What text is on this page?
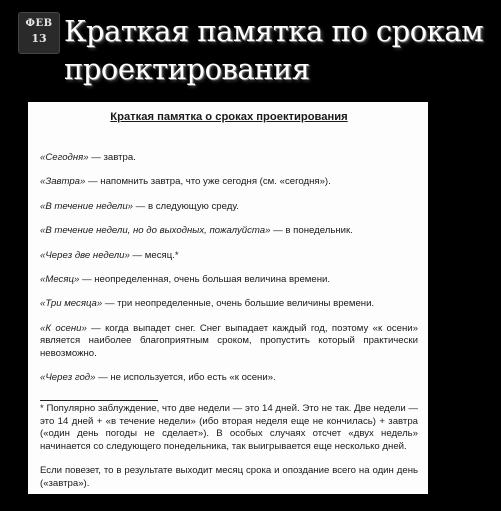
ФЕВ
13 Краткая памятка по срокам проектирования
Краткая памятка о сроках проектирования

«Сегодня» — завтра.

«Завтра» — напомнить завтра, что уже сегодня (см. «сегодня»).

«В течение недели» — в следующую среду.

«В течение недели, но до выходных, пожалуйста» — в понедельник.

«Через две недели» — месяц.*

«Месяц» — неопределенная, очень большая величина времени.

«Три месяца» — три неопределенные, очень большие величины времени.

«К осени» — когда выпадет снег. Снег выпадает каждый год, поэтому «к осени» является наиболее благоприятным сроком, пропустить который практически невозможно.

«Через год» — не используется, ибо есть «к осени».

* Популярно заблуждение, что две недели — это 14 дней. Это не так. Две недели — это 14 дней + «в течение недели» (ибо вторая неделя еще не кончилась) + завтра («один день погоды не сделает»). В особых случаях отсчет «двух недель» начинается со следующего понедельника, так выигрывается еще несколько дней.

Если повезет, то в результате выходит месяц срока и опоздание всего на один день («завтра»).
